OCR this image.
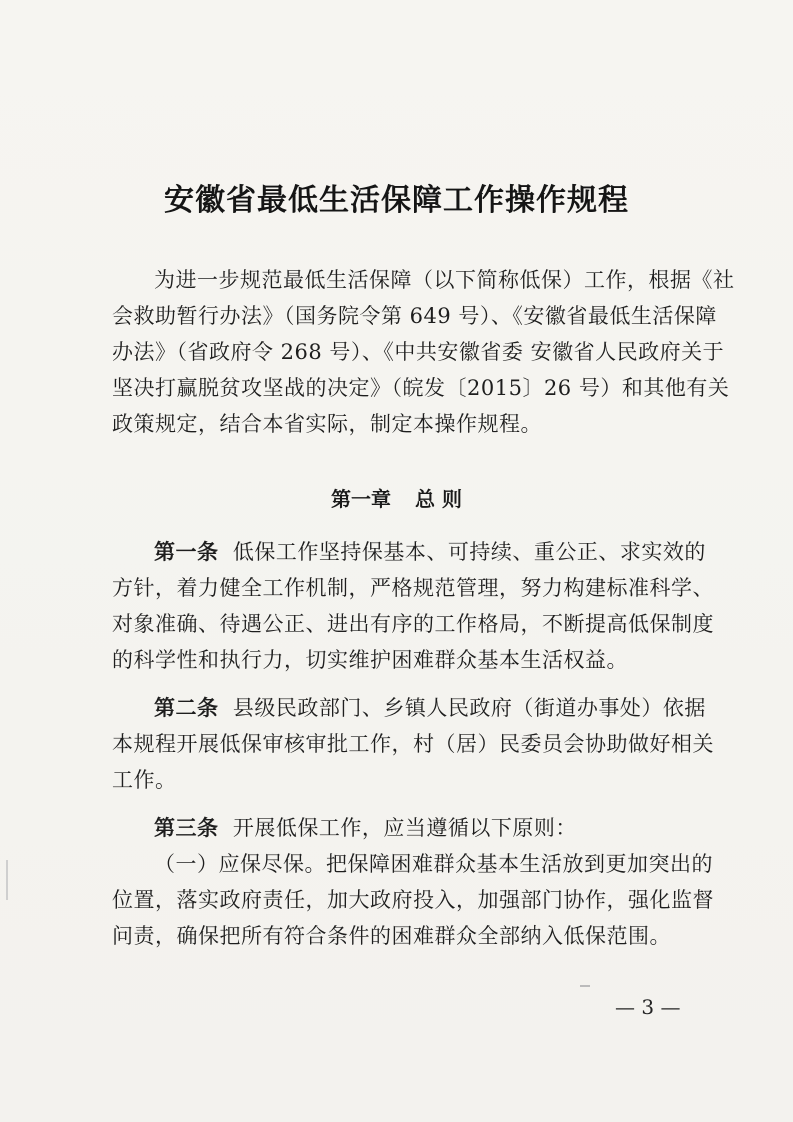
安徽省最低生活保障工作操作规程
为进一步规范最低生活保障（以下简称低保）工作，根据《社
会救助暂行办法》（国务院令第 649 号）、《安徽省最低生活保障
办法》（省政府令 268 号）、《中共安徽省委 安徽省人民政府关于
坚决打赢脱贫攻坚战的决定》（皖发〔2015〕26 号）和其他有关
政策规定，结合本省实际，制定本操作规程。
第一章 总 则
第一条 低保工作坚持保基本、可持续、重公正、求实效的
方针，着力健全工作机制，严格规范管理，努力构建标准科学、
对象准确、待遇公正、进出有序的工作格局，不断提高低保制度
的科学性和执行力，切实维护困难群众基本生活权益。
第二条 县级民政部门、乡镇人民政府（街道办事处）依据
本规程开展低保审核审批工作，村（居）民委员会协助做好相关
工作。
第三条 开展低保工作，应当遵循以下原则：
（一）应保尽保。把保障困难群众基本生活放到更加突出的
位置，落实政府责任，加大政府投入，加强部门协作，强化监督
问责，确保把所有符合条件的困难群众全部纳入低保范围。
— 3 —
